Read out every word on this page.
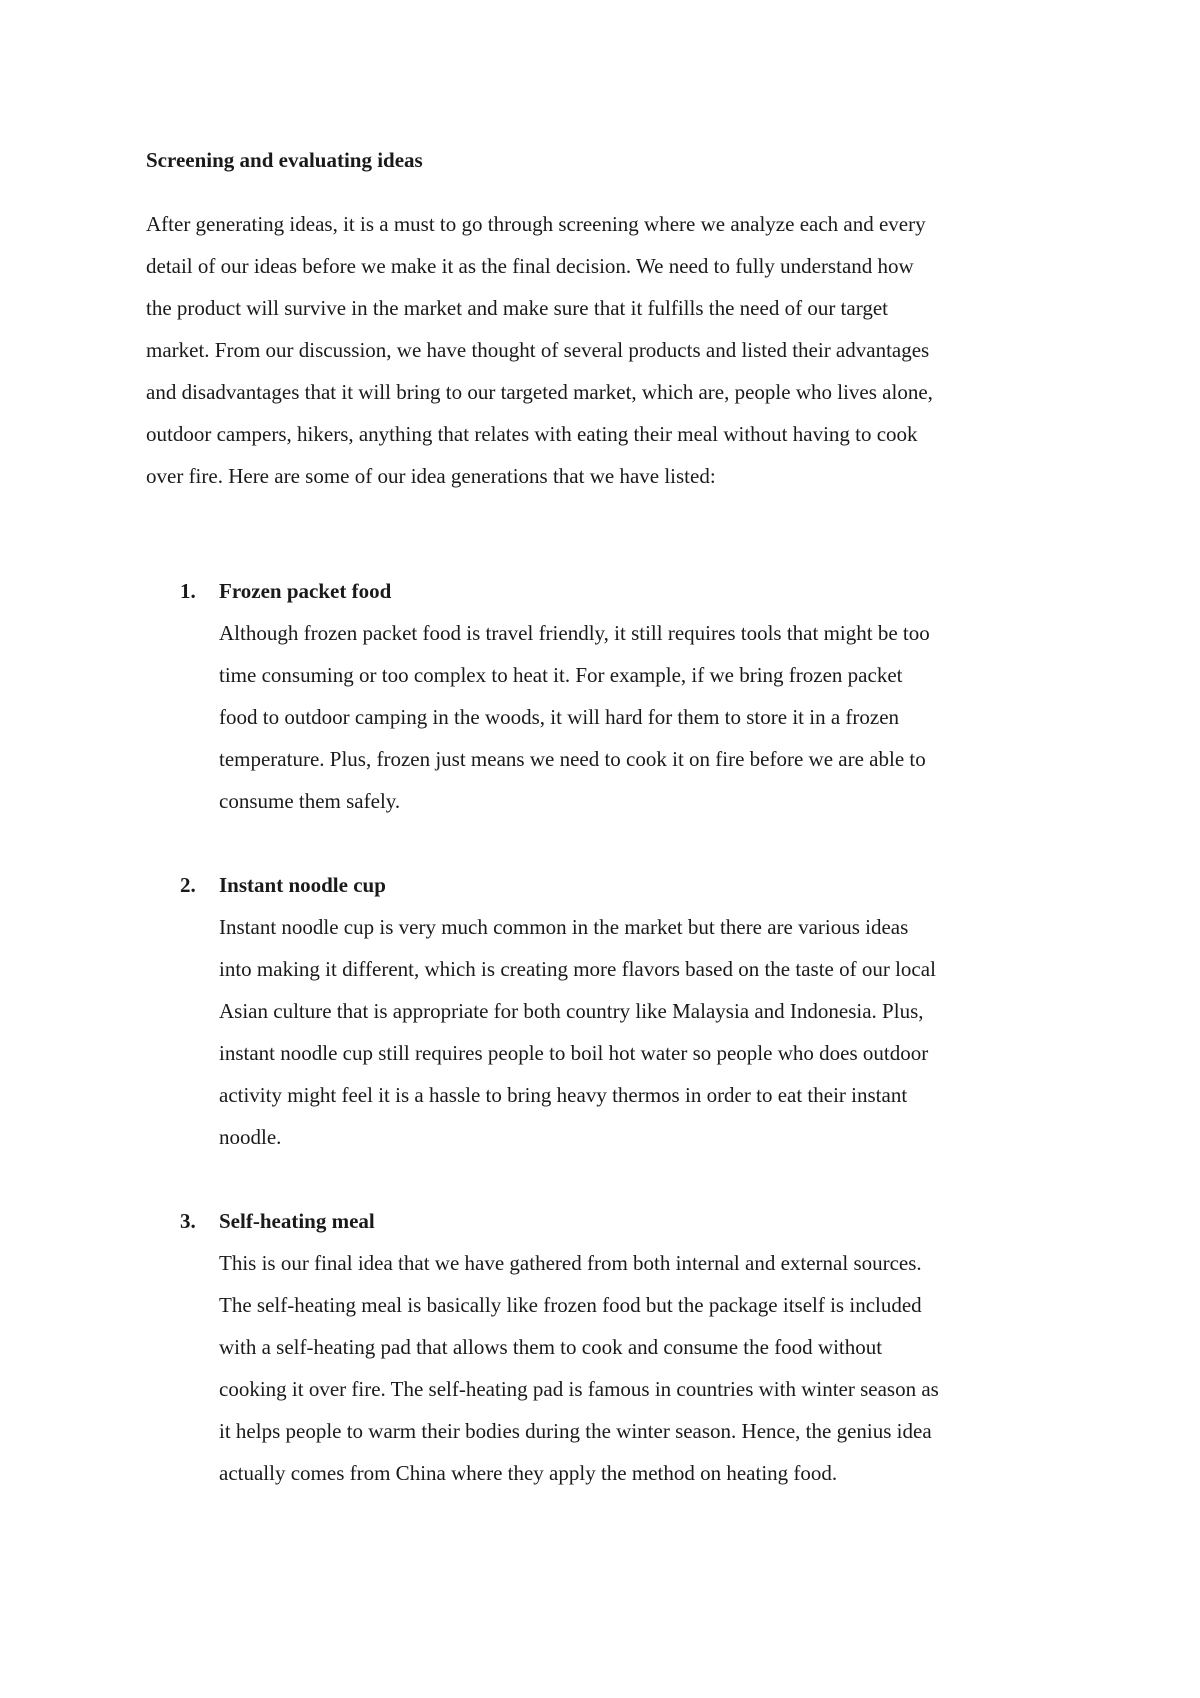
Screening and evaluating ideas
After generating ideas, it is a must to go through screening where we analyze each and every
detail of our ideas before we make it as the final decision. We need to fully understand how
the product will survive in the market and make sure that it fulfills the need of our target
market. From our discussion, we have thought of several products and listed their advantages
and disadvantages that it will bring to our targeted market, which are, people who lives alone,
outdoor campers, hikers, anything that relates with eating their meal without having to cook
over fire. Here are some of our idea generations that we have listed:
1. Frozen packet food
Although frozen packet food is travel friendly, it still requires tools that might be too
time consuming or too complex to heat it. For example, if we bring frozen packet
food to outdoor camping in the woods, it will hard for them to store it in a frozen
temperature. Plus, frozen just means we need to cook it on fire before we are able to
consume them safely.
2. Instant noodle cup
Instant noodle cup is very much common in the market but there are various ideas
into making it different, which is creating more flavors based on the taste of our local
Asian culture that is appropriate for both country like Malaysia and Indonesia. Plus,
instant noodle cup still requires people to boil hot water so people who does outdoor
activity might feel it is a hassle to bring heavy thermos in order to eat their instant
noodle.
3. Self-heating meal
This is our final idea that we have gathered from both internal and external sources.
The self-heating meal is basically like frozen food but the package itself is included
with a self-heating pad that allows them to cook and consume the food without
cooking it over fire. The self-heating pad is famous in countries with winter season as
it helps people to warm their bodies during the winter season. Hence, the genius idea
actually comes from China where they apply the method on heating food.
